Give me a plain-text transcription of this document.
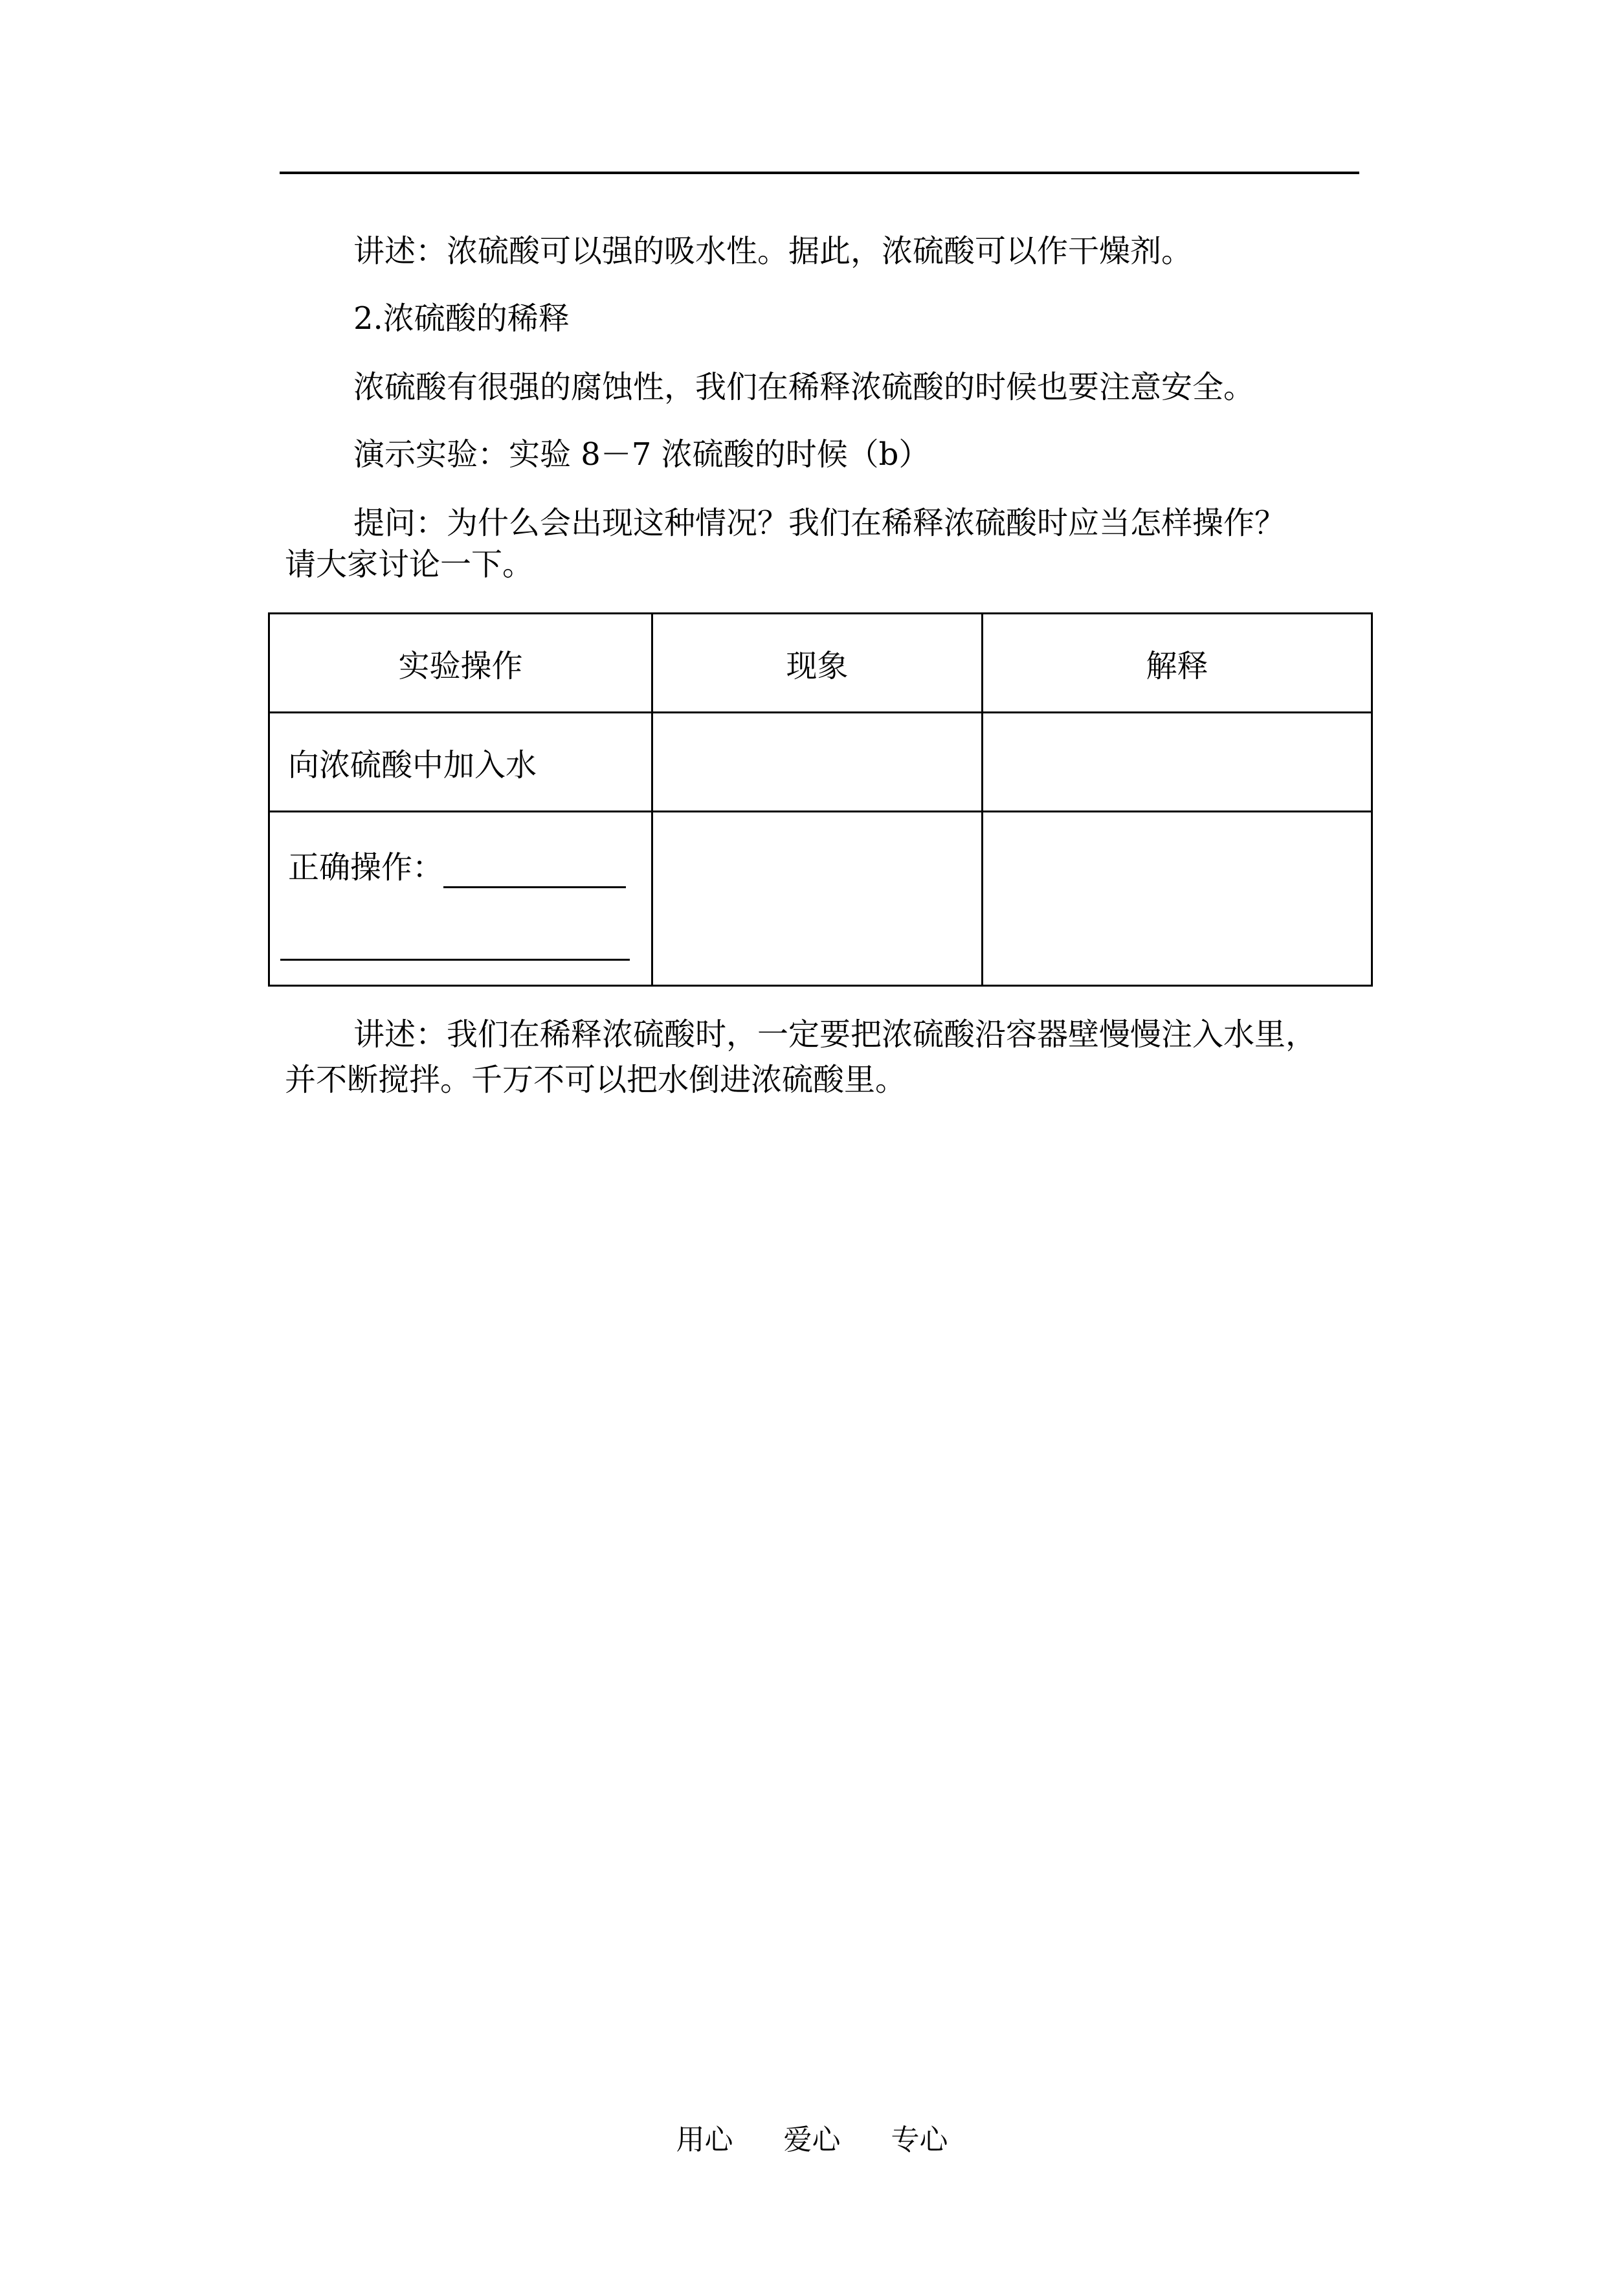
讲述：浓硫酸可以强的吸水性。据此，浓硫酸可以作干燥剂。
2.浓硫酸的稀释
浓硫酸有很强的腐蚀性，我们在稀释浓硫酸的时候也要注意安全。
演示实验：实验 8－7 浓硫酸的时候（b）
提问：为什么会出现这种情况？我们在稀释浓硫酸时应当怎样操作？
请大家讨论一下。
实验操作	现象	解释
向浓硫酸中加入水		

正确操作：		

讲述：我们在稀释浓硫酸时，一定要把浓硫酸沿容器壁慢慢注入水里，
并不断搅拌。千万不可以把水倒进浓硫酸里。
用心 爱心 专心
